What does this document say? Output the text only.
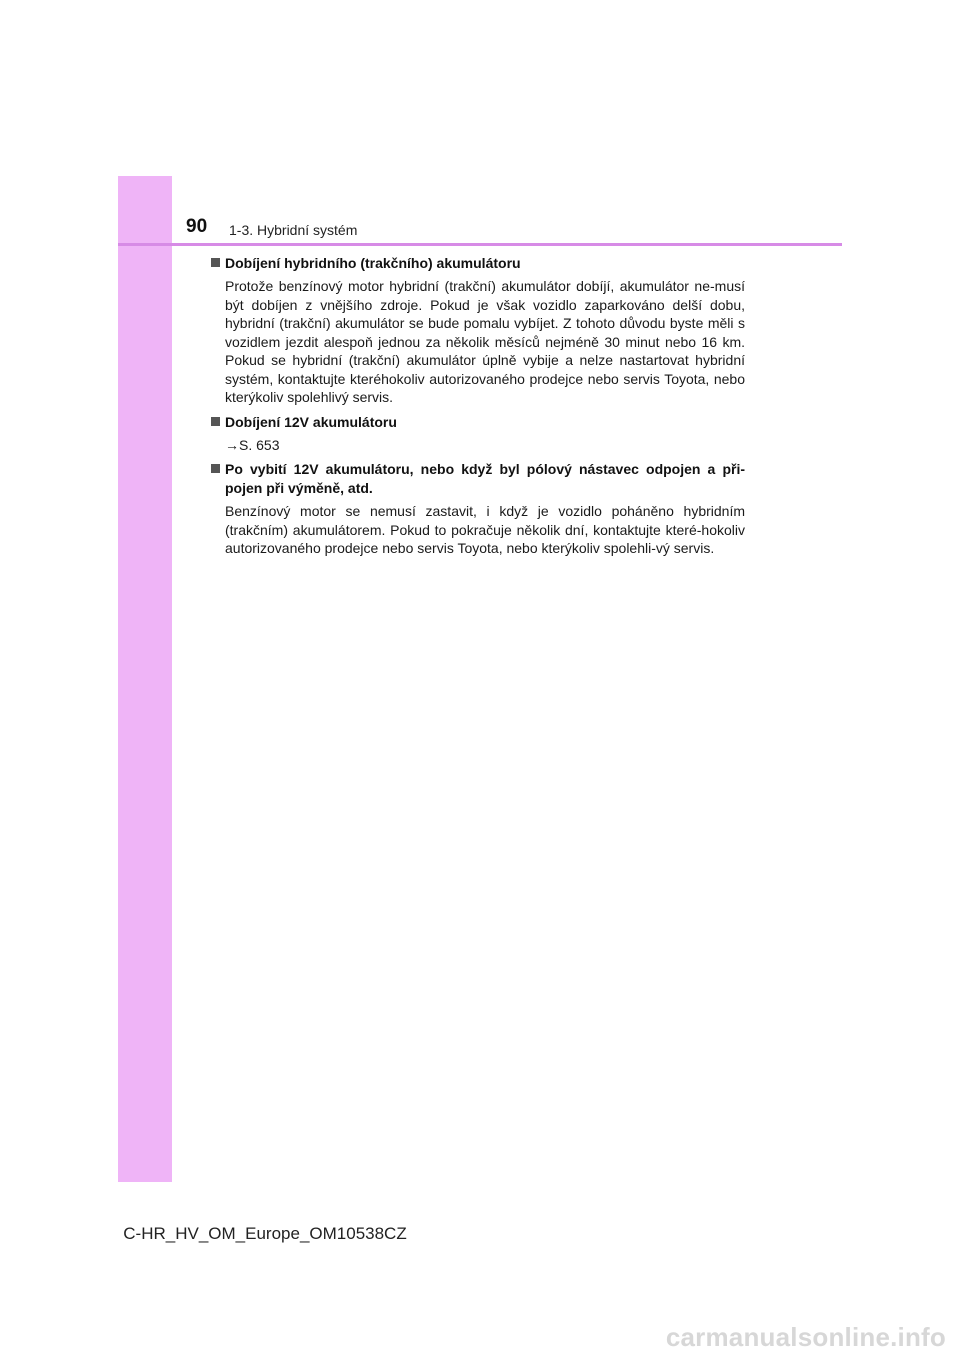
90 1-3. Hybridní systém
Dobíjení hybridního (trakčního) akumulátoru
Protože benzínový motor hybridní (trakční) akumulátor dobíjí, akumulátor ne-musí být dobíjen z vnějšího zdroje. Pokud je však vozidlo zaparkováno delší dobu, hybridní (trakční) akumulátor se bude pomalu vybíjet. Z tohoto důvodu byste měli s vozidlem jezdit alespoň jednou za několik měsíců nejméně 30 minut nebo 16 km. Pokud se hybridní (trakční) akumulátor úplně vybije a nelze nastartovat hybridní systém, kontaktujte kteréhokoliv autorizovaného prodejce nebo servis Toyota, nebo kterýkoliv spolehlivý servis.
Dobíjení 12V akumulátoru
→S. 653
Po vybití 12V akumulátoru, nebo když byl pólový nástavec odpojen a při-pojen při výměně, atd.
Benzínový motor se nemusí zastavit, i když je vozidlo poháněno hybridním (trakčním) akumulátorem. Pokud to pokračuje několik dní, kontaktujte které-hokoliv autorizovaného prodejce nebo servis Toyota, nebo kterýkoliv spolehli-vý servis.
C-HR_HV_OM_Europe_OM10538CZ
carmanualsonline.info
